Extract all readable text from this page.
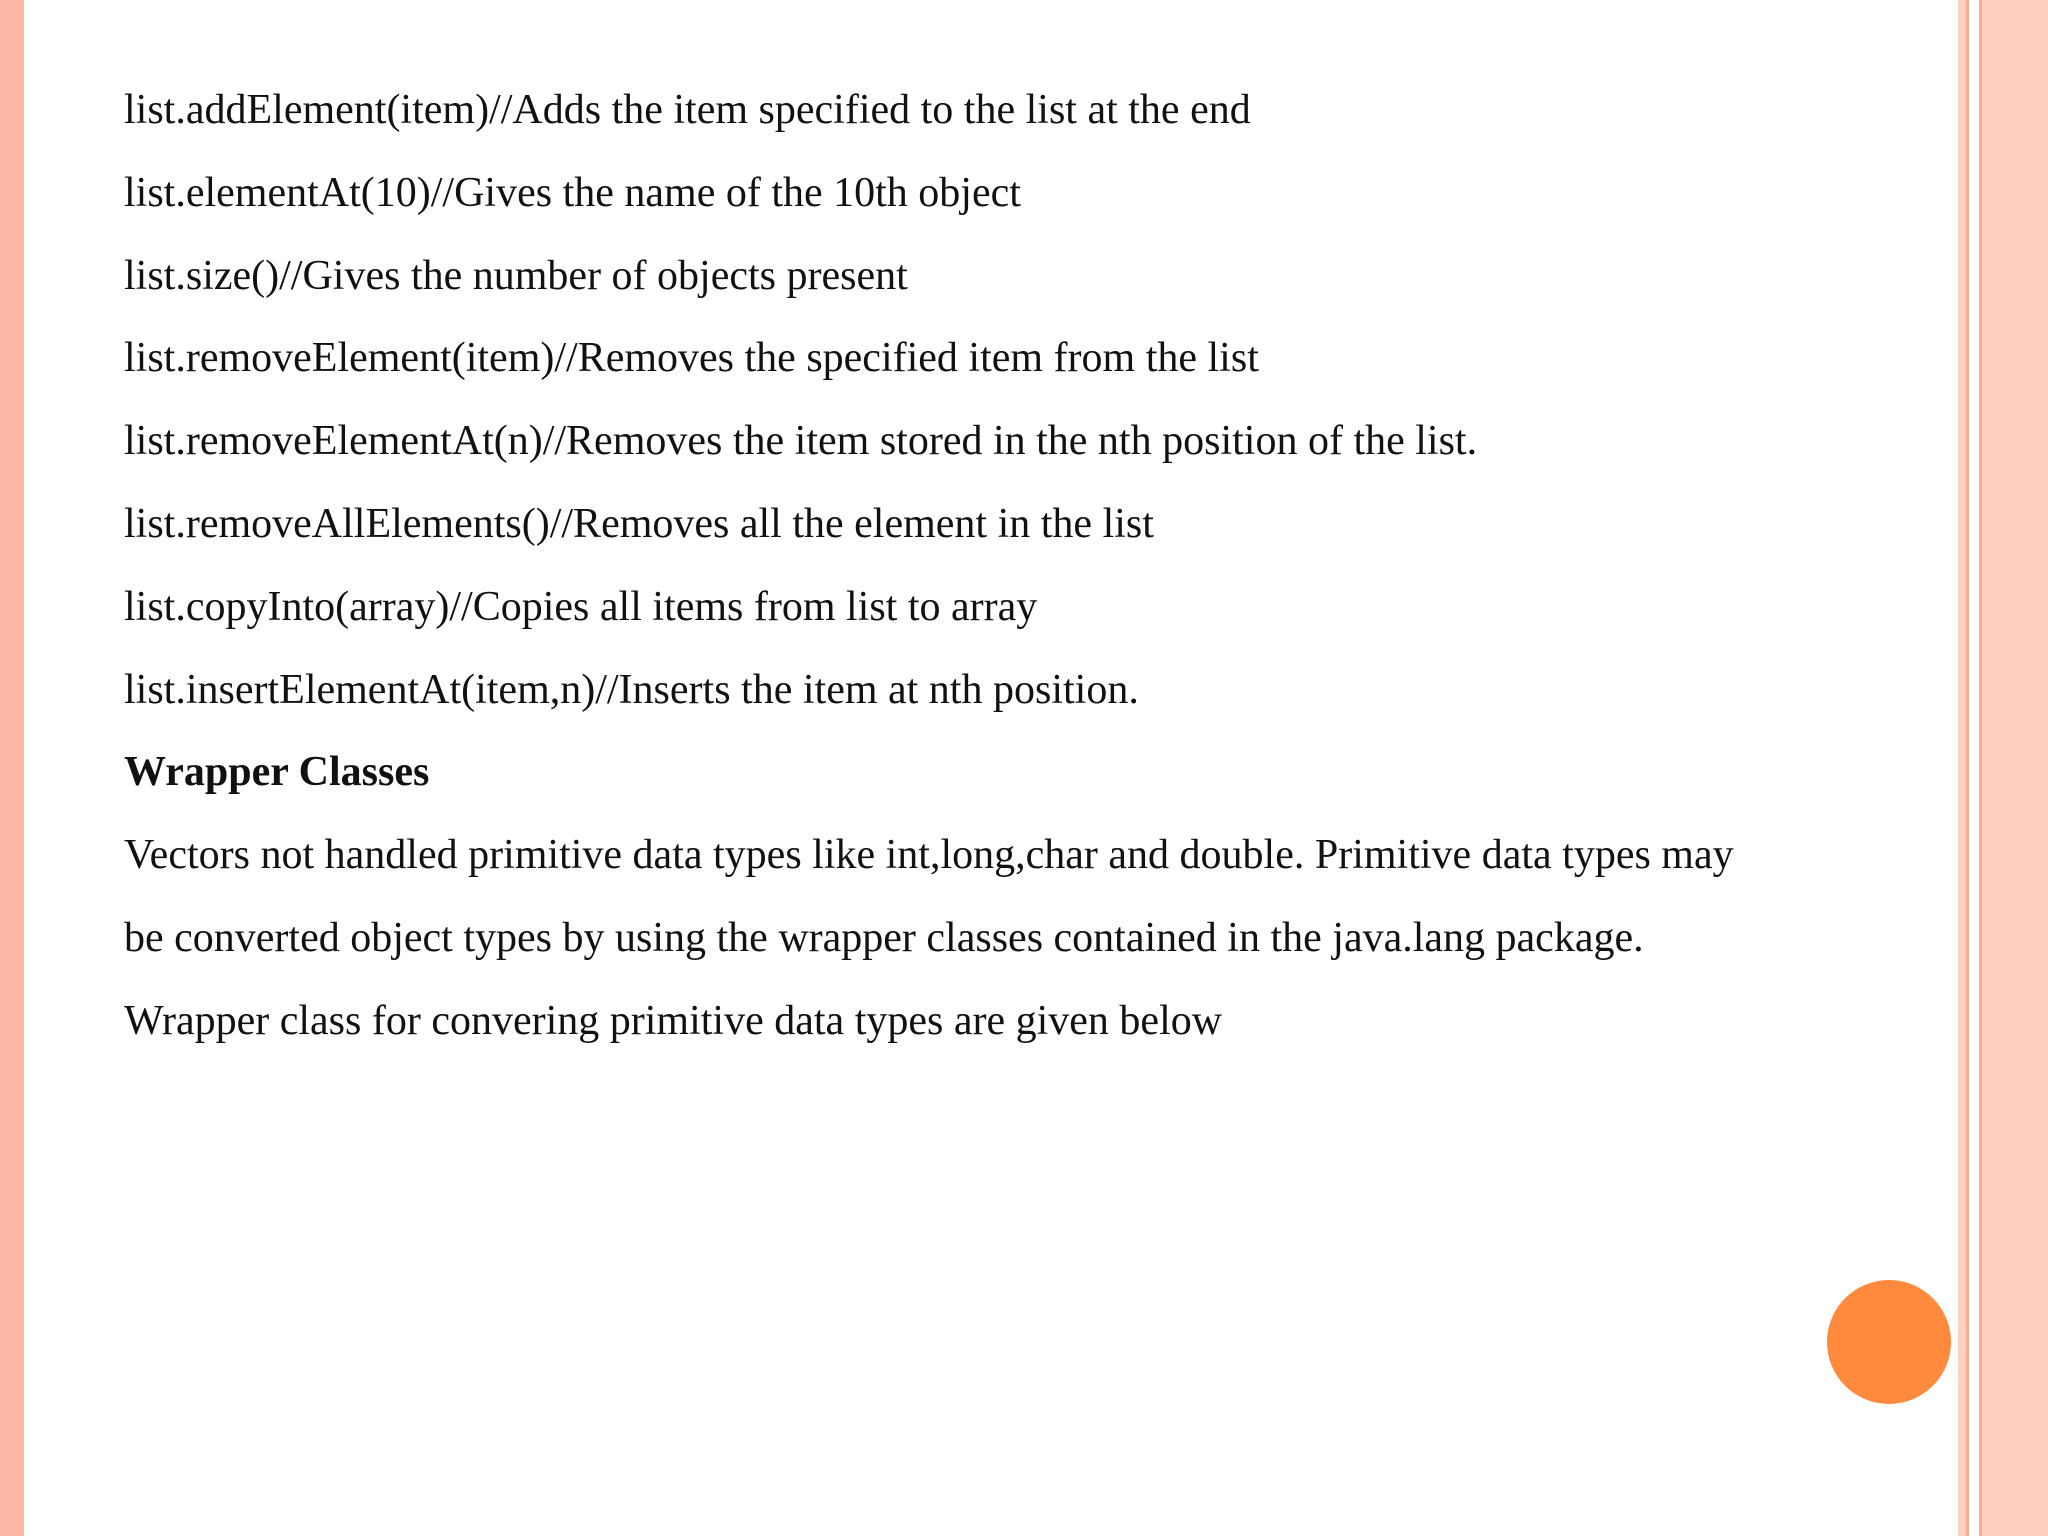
list.addElement(item)//Adds the item specified to the list at the end
list.elementAt(10)//Gives the name of the 10th object
list.size()//Gives the number of objects present
list.removeElement(item)//Removes the specified item from the list
list.removeElementAt(n)//Removes the item stored in the nth position of the list.
list.removeAllElements()//Removes all the element in the list
list.copyInto(array)//Copies all items from list to array
list.insertElementAt(item,n)//Inserts the item at nth position.
Wrapper Classes
Vectors not handled primitive data types like int,long,char and double. Primitive data types may
be converted object types by using the wrapper classes contained in the java.lang package.
Wrapper class for convering primitive data types are given below
